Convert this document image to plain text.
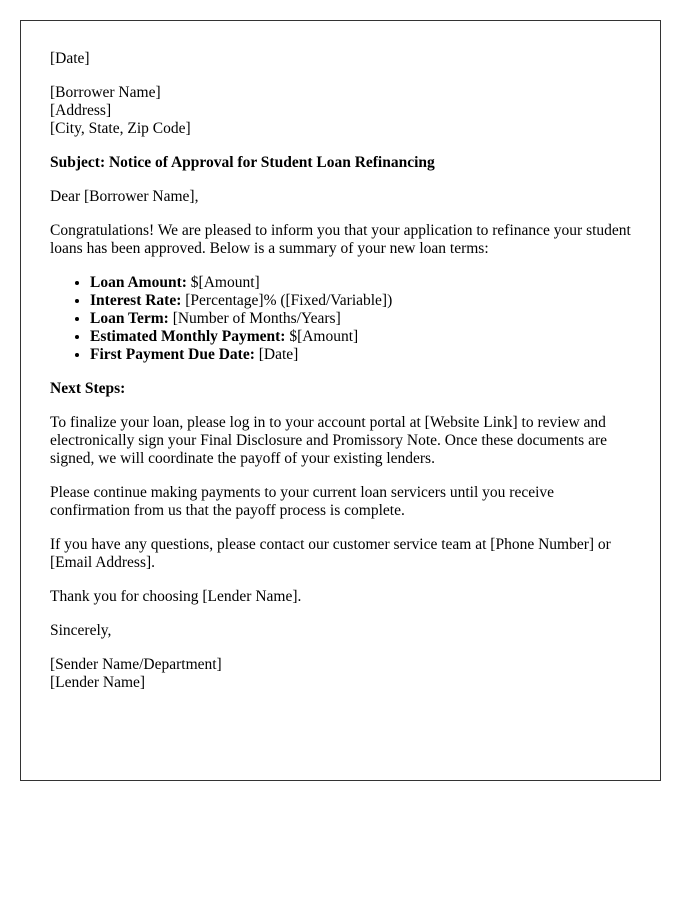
[Date]

[Borrower Name]
[Address]
[City, State, Zip Code]

Subject: Notice of Approval for Student Loan Refinancing

Dear [Borrower Name],

Congratulations! We are pleased to inform you that your application to refinance your student loans has been approved. Below is a summary of your new loan terms:

• Loan Amount: $[Amount]
• Interest Rate: [Percentage]% ([Fixed/Variable])
• Loan Term: [Number of Months/Years]
• Estimated Monthly Payment: $[Amount]
• First Payment Due Date: [Date]

Next Steps:

To finalize your loan, please log in to your account portal at [Website Link] to review and electronically sign your Final Disclosure and Promissory Note. Once these documents are signed, we will coordinate the payoff of your existing lenders.

Please continue making payments to your current loan servicers until you receive confirmation from us that the payoff process is complete.

If you have any questions, please contact our customer service team at [Phone Number] or [Email Address].

Thank you for choosing [Lender Name].

Sincerely,

[Sender Name/Department]
[Lender Name]
